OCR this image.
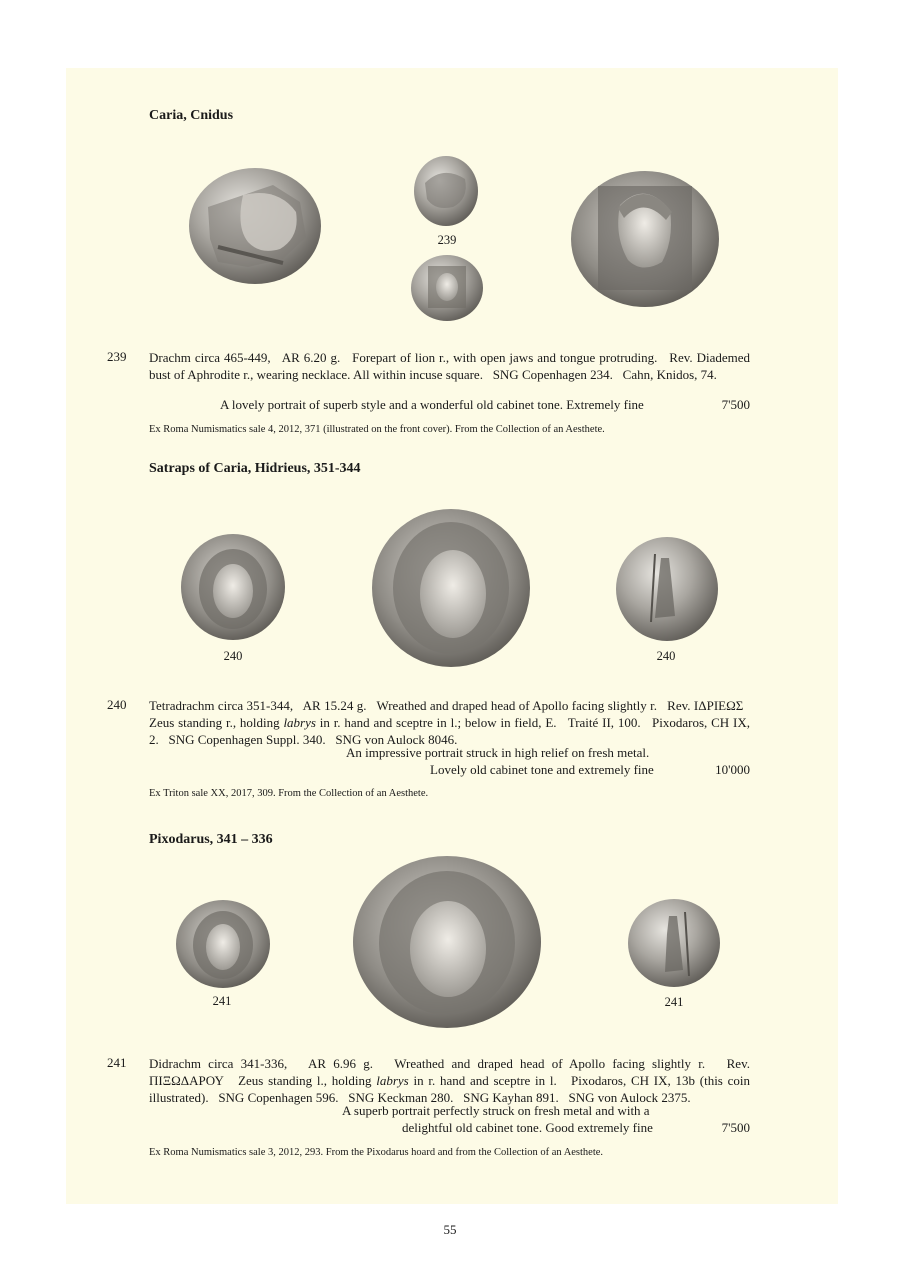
Caria, Cnidus
239
239 Drachm circa 465-449,   AR 6.20 g.   Forepart of lion r., with open jaws and tongue protruding.   Rev. Diademed bust of Aphrodite r., wearing necklace. All within incuse square.   SNG Copenhagen 234.   Cahn, Knidos, 74.
A lovely portrait of superb style and a wonderful old cabinet tone. Extremely fine	7'500
Ex Roma Numismatics sale 4, 2012, 371 (illustrated on the front cover). From the Collection of an Aesthete.
Satraps of Caria, Hidrieus, 351-344
240	240
240 Tetradrachm circa 351-344,   AR 15.24 g.   Wreathed and draped head of Apollo facing slightly r.   Rev. ΙΔΡΙΕΩΣ   Zeus standing r., holding labrys in r. hand and sceptre in l.; below in field, E.   Traité II, 100.   Pixodaros, CH IX, 2.   SNG Copenhagen Suppl. 340.   SNG von Aulock 8046.
An impressive portrait struck in high relief on fresh metal.
Lovely old cabinet tone and extremely fine	10'000
Ex Triton sale XX, 2017, 309. From the Collection of an Aesthete.
Pixodarus, 341 – 336
241	241
241 Didrachm circa 341-336,   AR 6.96 g.   Wreathed and draped head of Apollo facing slightly r.   Rev. ΠΙΞΩΔΑΡΟΥ   Zeus standing l., holding labrys in r. hand and sceptre in l.   Pixodaros, CH IX, 13b (this coin illustrated).   SNG Copenhagen 596.   SNG Keckman 280.   SNG Kayhan 891.   SNG von Aulock 2375.
A superb portrait perfectly struck on fresh metal and with a
delightful old cabinet tone. Good extremely fine	7'500
Ex Roma Numismatics sale 3, 2012, 293. From the Pixodarus hoard and from the Collection of an Aesthete.
55
